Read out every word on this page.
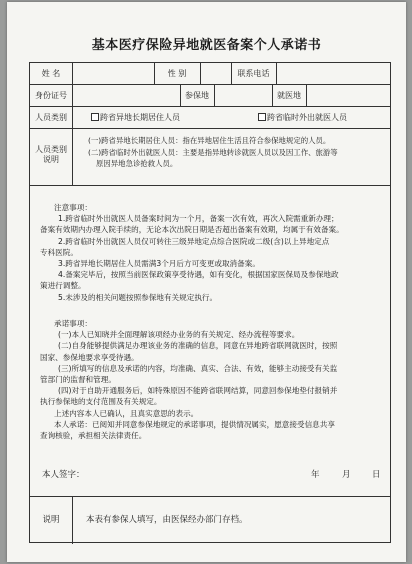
基本医疗保险异地就医备案个人承诺书
姓 名	性 别	联系电话
身份证号	参保地	就医地
人员类别	跨省异地长期居住人员	跨省临时外出就医人员
人员类别
说明
(一)跨省异地长期居住人员：指在异地居住生活且符合参保地规定的人员。
(二)跨省临时外出就医人员：主要是指异地转诊就医人员以及因工作、旅游等
原因异地急诊抢救人员。
注意事项：
1.跨省临时外出就医人员备案时间为一个月，备案一次有效，再次入院需重新办理；
备案有效期内办理入院手续的，无论本次出院日期是否超出备案有效期，均属于有效备案。
2.跨省临时外出就医人员仅可转往三级异地定点综合医院或二级(含)以上异地定点
专科医院。
3.跨省异地长期居住人员需满3个月后方可变更或取消备案。
4.备案完毕后，按照当前医保政策享受待遇，如有变化，根据国家医保局及参保地政
策进行调整。
5.未涉及的相关问题按照参保地有关规定执行。
承诺事项：
(一)本人已知晓并全面理解该项经办业务的有关规定、经办流程等要求。
(二)自身能够提供满足办理该业务的准确的信息，同意在异地跨省联网就医时，按照
国家、参保地要求享受待遇。
(三)所填写的信息及承诺的内容，均准确、真实、合法、有效，能够主动接受有关监
管部门的监督和管理。
(四)对于自助开通服务后，如特殊原因不能跨省联网结算，同意回参保地垫付报销并
执行参保地的支付范围及有关规定。
上述内容本人已确认，且真实意思的表示。
本人承诺：已阅知并同意参保地规定的承诺事项，提供情况属实，愿意接受信息共享
查询核验，承担相关法律责任。
本人签字：	年	月	日
说明	本表有参保人填写，由医保经办部门存档。
